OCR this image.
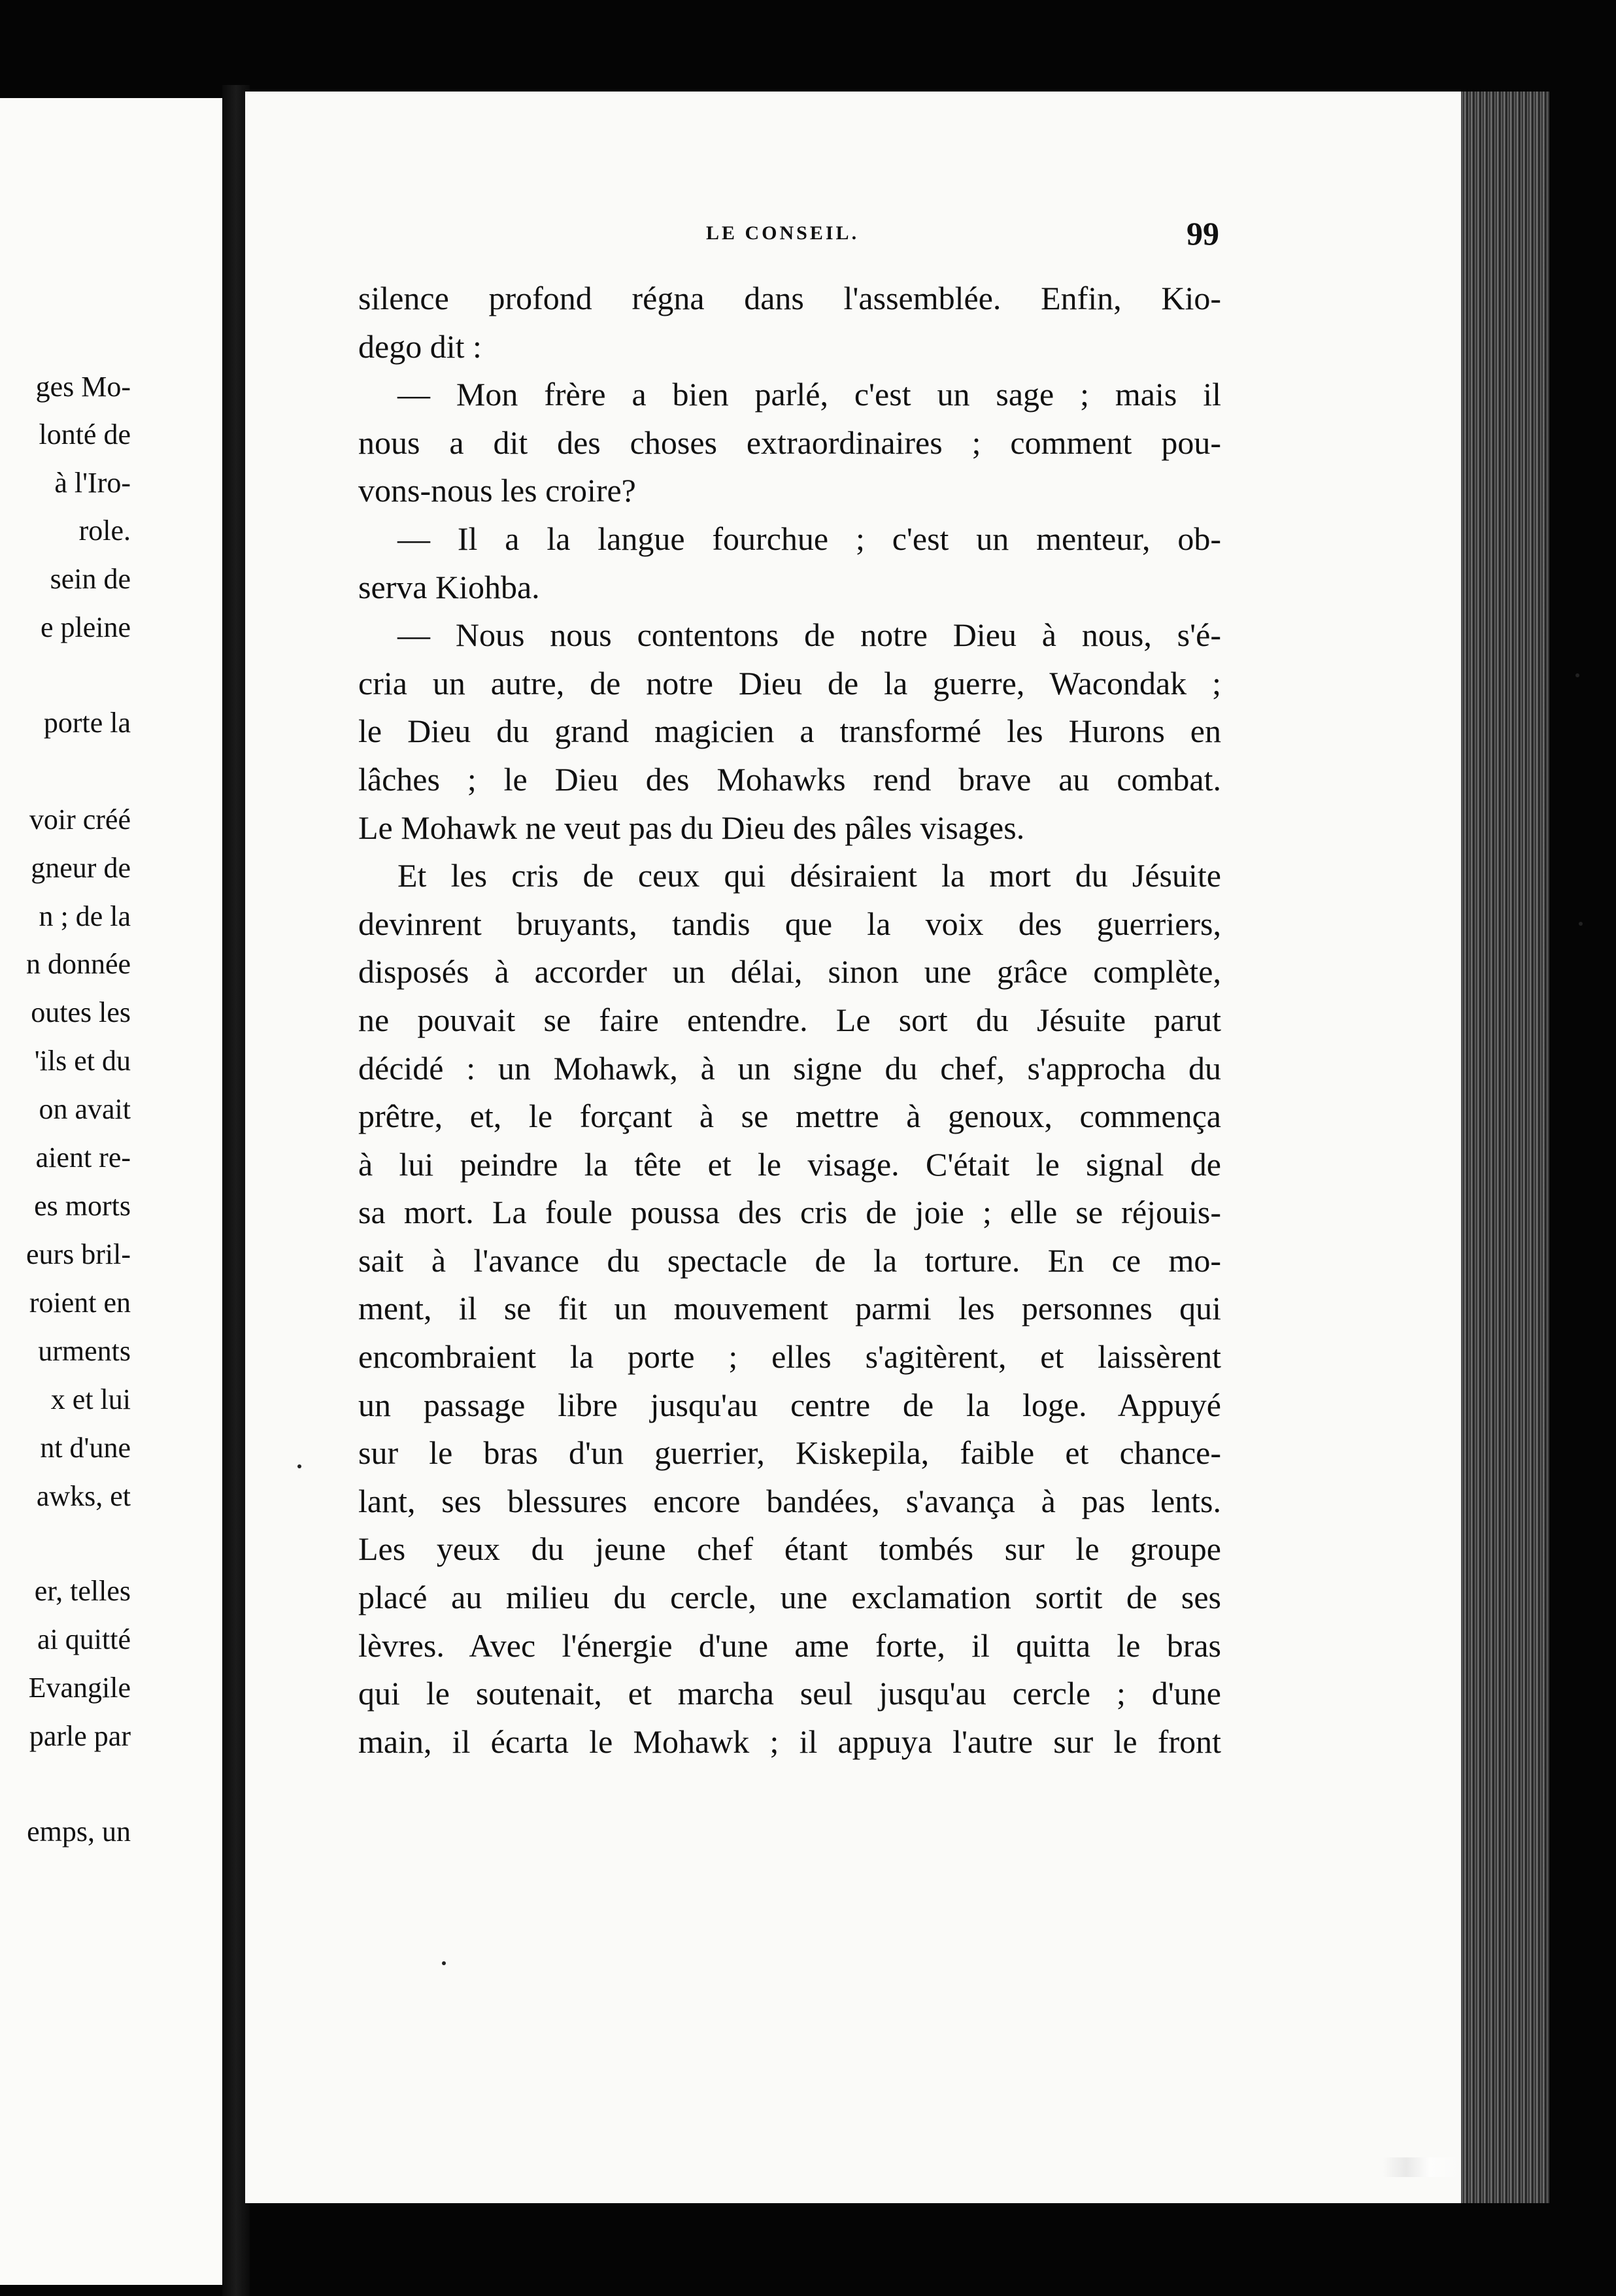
ges Mo-
lonté de
à l'Iro-
role.
sein de
e pleine
porte la
voir créé
gneur de
n ; de la
n donnée
outes les
'ils et du
on avait
aient re-
es morts
eurs bril-
roient en
urments
x et lui
nt d'une
awks, et
er, telles
ai quitté
Evangile
parle par
emps, un
LE CONSEIL.	99
silence profond régna dans l'assemblée. Enfin, Kio-
dego dit :
— Mon frère a bien parlé, c'est un sage ; mais il
nous a dit des choses extraordinaires ; comment pou-
vons-nous les croire?
— Il a la langue fourchue ; c'est un menteur, ob-
serva Kiohba.
— Nous nous contentons de notre Dieu à nous, s'é-
cria un autre, de notre Dieu de la guerre, Wacondak ;
le Dieu du grand magicien a transformé les Hurons en
lâches ; le Dieu des Mohawks rend brave au combat.
Le Mohawk ne veut pas du Dieu des pâles visages.
Et les cris de ceux qui désiraient la mort du Jésuite
devinrent bruyants, tandis que la voix des guerriers,
disposés à accorder un délai, sinon une grâce complète,
ne pouvait se faire entendre. Le sort du Jésuite parut
décidé : un Mohawk, à un signe du chef, s'approcha du
prêtre, et, le forçant à se mettre à genoux, commença
à lui peindre la tête et le visage. C'était le signal de
sa mort. La foule poussa des cris de joie ; elle se réjouis-
sait à l'avance du spectacle de la torture. En ce mo-
ment, il se fit un mouvement parmi les personnes qui
encombraient la porte ; elles s'agitèrent, et laissèrent
un passage libre jusqu'au centre de la loge. Appuyé
sur le bras d'un guerrier, Kiskepila, faible et chance-
lant, ses blessures encore bandées, s'avança à pas lents.
Les yeux du jeune chef étant tombés sur le groupe
placé au milieu du cercle, une exclamation sortit de ses
lèvres. Avec l'énergie d'une ame forte, il quitta le bras
qui le soutenait, et marcha seul jusqu'au cercle ; d'une
main, il écarta le Mohawk ; il appuya l'autre sur le front
